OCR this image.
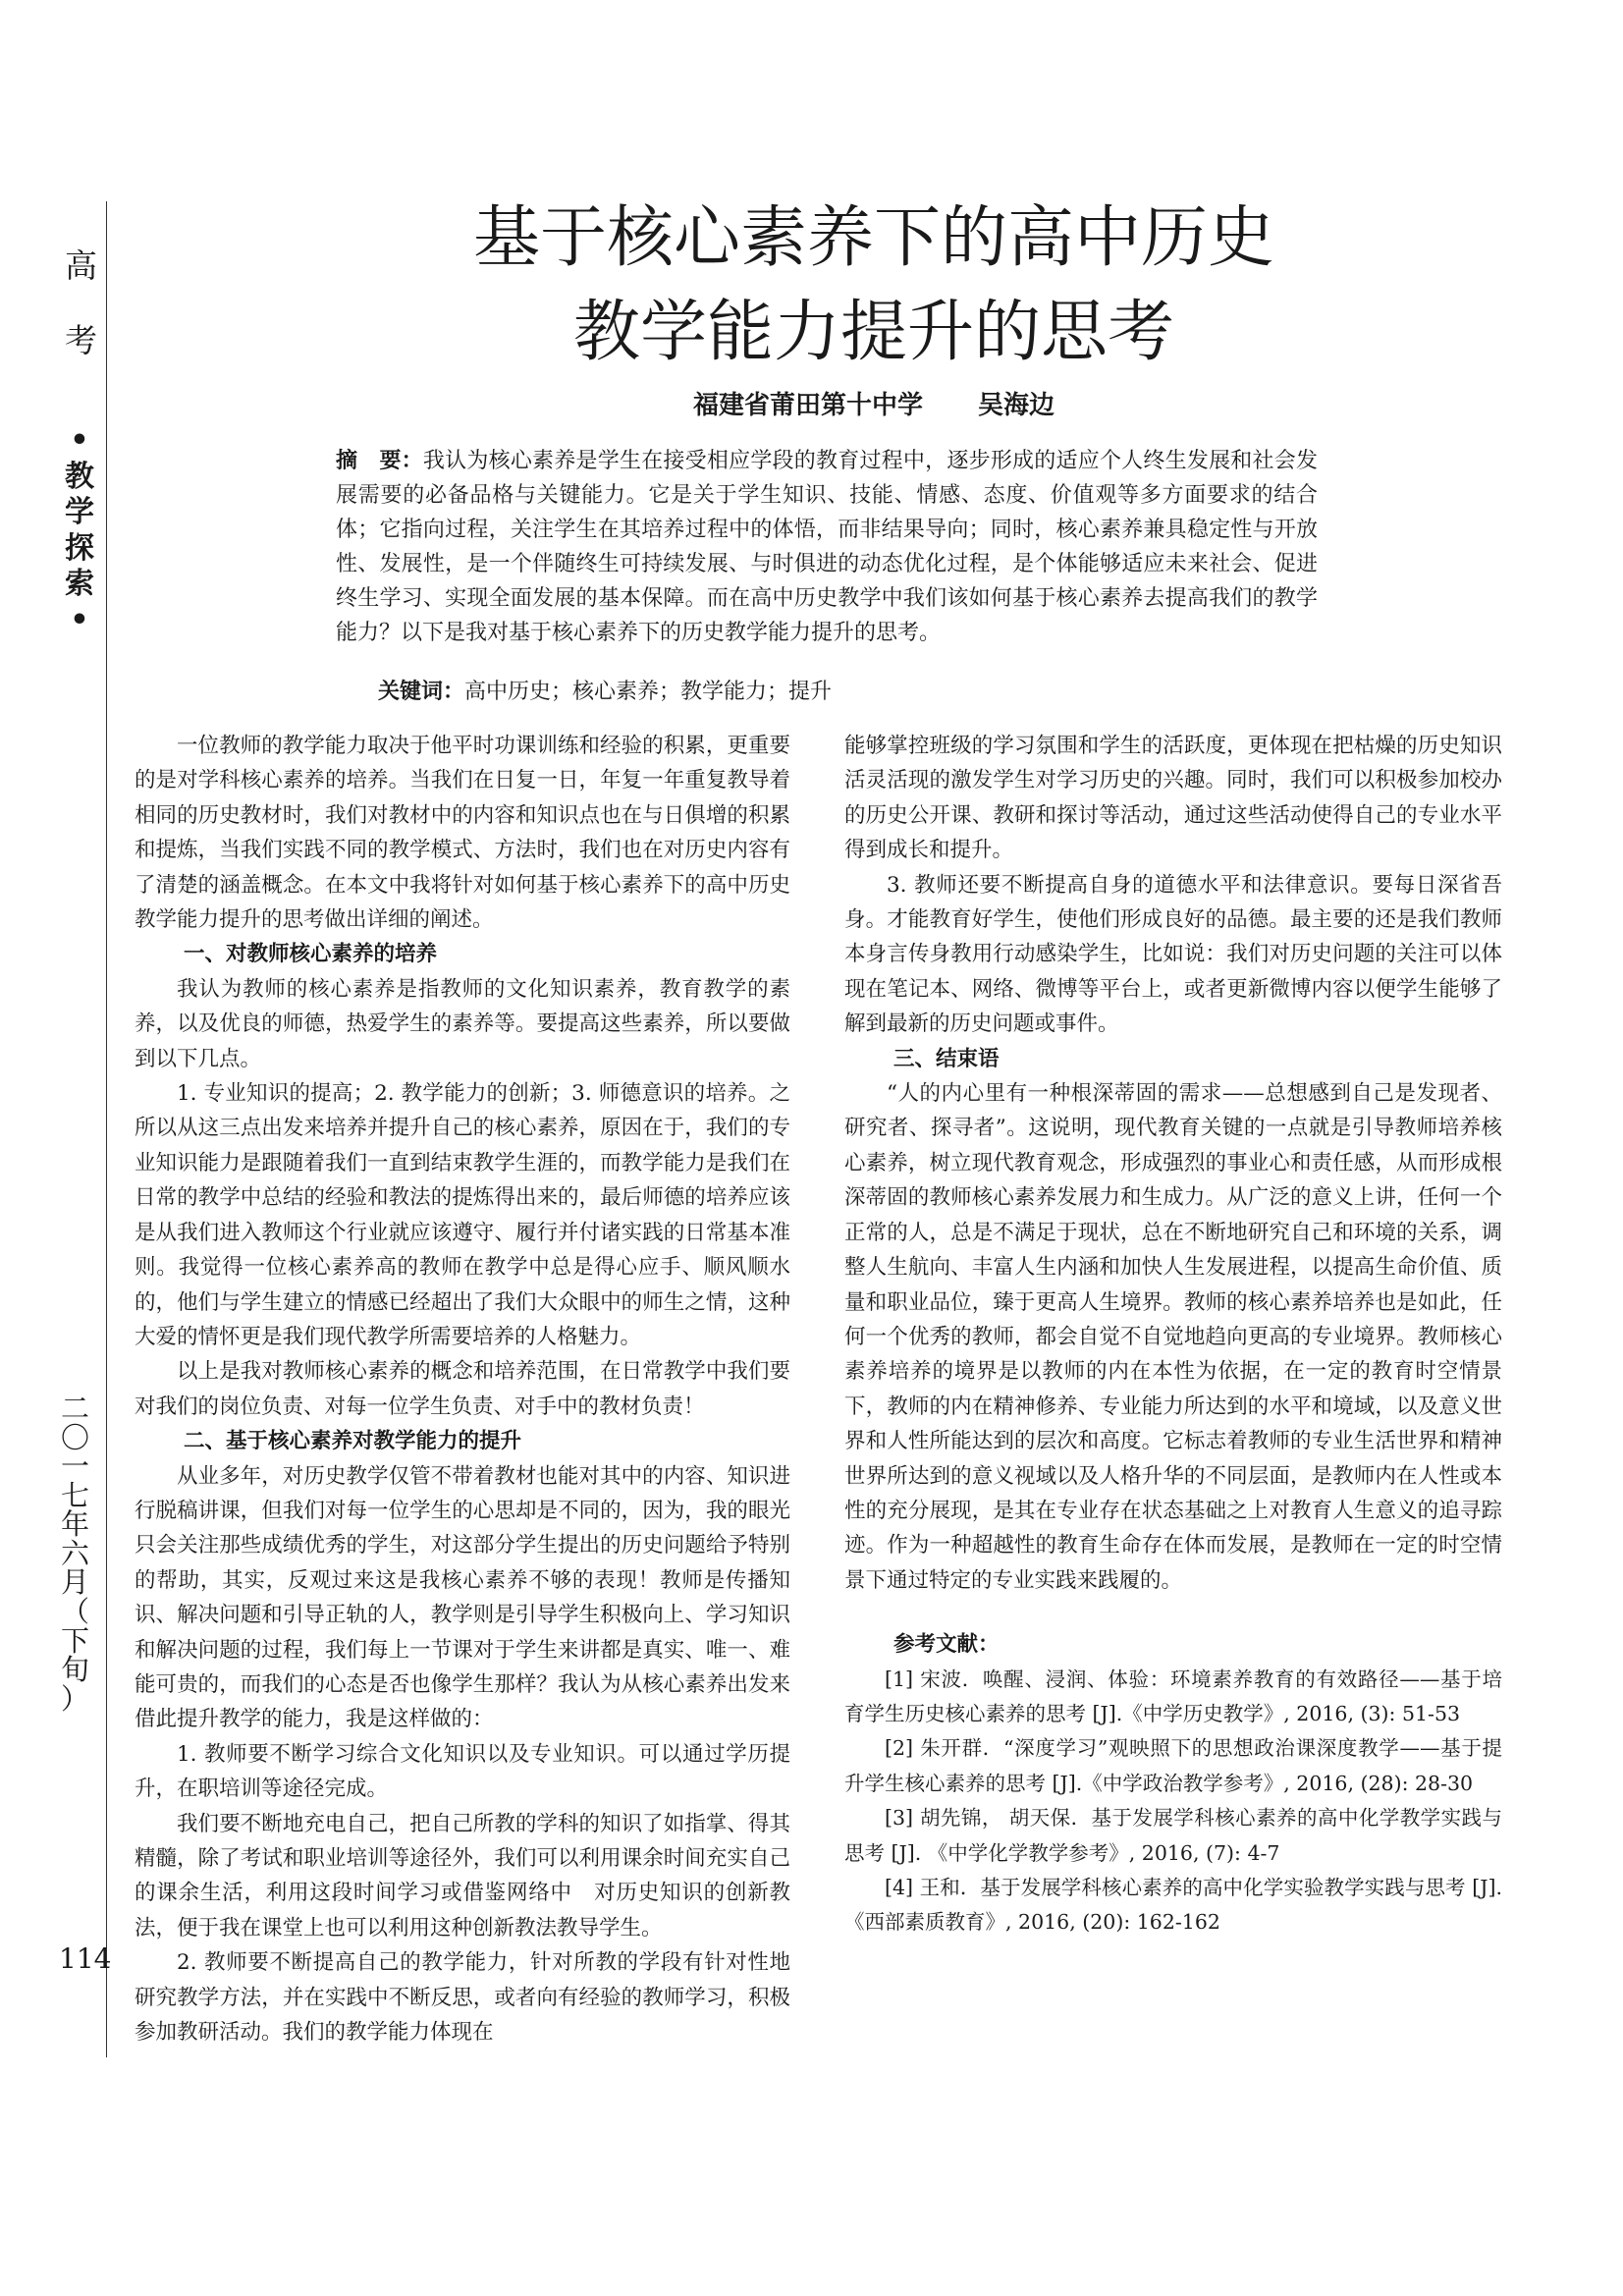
高
考
•
教
学
探
索
•
二
〇
一
七
年
六
月
（
下
旬
）
114
基于核心素养下的高中历史
教学能力提升的思考
福建省莆田第十中学 吴海边
摘　要：我认为核心素养是学生在接受相应学段的教育过程中，逐步形成的适应个人终生发展和社会发展需要的必备品格与关键能力。它是关于学生知识、技能、情感、态度、价值观等多方面要求的结合体；它指向过程，关注学生在其培养过程中的体悟，而非结果导向；同时，核心素养兼具稳定性与开放性、发展性，是一个伴随终生可持续发展、与时俱进的动态优化过程，是个体能够适应未来社会、促进终生学习、实现全面发展的基本保障。而在高中历史教学中我们该如何基于核心素养去提高我们的教学能力？以下是我对基于核心素养下的历史教学能力提升的思考。
关键词：高中历史；核心素养；教学能力；提升

一位教师的教学能力取决于他平时功课训练和经验的积累，更重要的是对学科核心素养的培养。当我们在日复一日，年复一年重复教导着相同的历史教材时，我们对教材中的内容和知识点也在与日俱增的积累和提炼，当我们实践不同的教学模式、方法时，我们也在对历史内容有了清楚的涵盖概念。在本文中我将针对如何基于核心素养下的高中历史教学能力提升的思考做出详细的阐述。

一、对教师核心素养的培养

我认为教师的核心素养是指教师的文化知识素养，教育教学的素养，以及优良的师德，热爱学生的素养等。要提高这些素养，所以要做到以下几点。

1. 专业知识的提高；2. 教学能力的创新；3. 师德意识的培养。之所以从这三点出发来培养并提升自己的核心素养，原因在于，我们的专业知识能力是跟随着我们一直到结束教学生涯的，而教学能力是我们在日常的教学中总结的经验和教法的提炼得出来的，最后师德的培养应该是从我们进入教师这个行业就应该遵守、履行并付诸实践的日常基本准则。我觉得一位核心素养高的教师在教学中总是得心应手、顺风顺水的，他们与学生建立的情感已经超出了我们大众眼中的师生之情，这种大爱的情怀更是我们现代教学所需要培养的人格魅力。

以上是我对教师核心素养的概念和培养范围，在日常教学中我们要对我们的岗位负责、对每一位学生负责、对手中的教材负责！

二、基于核心素养对教学能力的提升

从业多年，对历史教学仅管不带着教材也能对其中的内容、知识进行脱稿讲课，但我们对每一位学生的心思却是不同的，因为，我的眼光只会关注那些成绩优秀的学生，对这部分学生提出的历史问题给予特别的帮助，其实，反观过来这是我核心素养不够的表现！教师是传播知识、解决问题和引导正轨的人，教学则是引导学生积极向上、学习知识和解决问题的过程，我们每上一节课对于学生来讲都是真实、唯一、难能可贵的，而我们的心态是否也像学生那样？我认为从核心素养出发来借此提升教学的能力，我是这样做的：

1. 教师要不断学习综合文化知识以及专业知识。可以通过学历提升，在职培训等途径完成。

我们要不断地充电自己，把自己所教的学科的知识了如指掌、得其精髓，除了考试和职业培训等途径外，我们可以利用课余时间充实自己的课余生活，利用这段时间学习或借鉴网络中　对历史知识的创新教法，便于我在课堂上也可以利用这种创新教法教导学生。

2. 教师要不断提高自己的教学能力，针对所教的学段有针对性地研究教学方法，并在实践中不断反思，或者向有经验的教师学习，积极参加教研活动。我们的教学能力体现在

能够掌控班级的学习氛围和学生的活跃度，更体现在把枯燥的历史知识活灵活现的激发学生对学习历史的兴趣。同时，我们可以积极参加校办的历史公开课、教研和探讨等活动，通过这些活动使得自己的专业水平得到成长和提升。

3. 教师还要不断提高自身的道德水平和法律意识。要每日深省吾身。才能教育好学生，使他们形成良好的品德。最主要的还是我们教师本身言传身教用行动感染学生，比如说：我们对历史问题的关注可以体现在笔记本、网络、微博等平台上，或者更新微博内容以便学生能够了解到最新的历史问题或事件。

三、结束语

“人的内心里有一种根深蒂固的需求——总想感到自己是发现者、研究者、探寻者”。这说明，现代教育关键的一点就是引导教师培养核心素养，树立现代教育观念，形成强烈的事业心和责任感，从而形成根深蒂固的教师核心素养发展力和生成力。从广泛的意义上讲，任何一个正常的人，总是不满足于现状，总在不断地研究自己和环境的关系，调整人生航向、丰富人生内涵和加快人生发展进程，以提高生命价值、质量和职业品位，臻于更高人生境界。教师的核心素养培养也是如此，任何一个优秀的教师，都会自觉不自觉地趋向更高的专业境界。教师核心素养培养的境界是以教师的内在本性为依据，在一定的教育时空情景下，教师的内在精神修养、专业能力所达到的水平和境域，以及意义世界和人性所能达到的层次和高度。它标志着教师的专业生活世界和精神世界所达到的意义视域以及人格升华的不同层面，是教师内在人性或本性的充分展现，是其在专业存在状态基础之上对教育人生意义的追寻踪迹。作为一种超越性的教育生命存在体而发展，是教师在一定的时空情景下通过特定的专业实践来践履的。

参考文献：

[1] 宋波．唤醒、浸润、体验：环境素养教育的有效路径——基于培育学生历史核心素养的思考 [J].《中学历史教学》, 2016, (3): 51-53

[2] 朱开群．“深度学习”观映照下的思想政治课深度教学——基于提升学生核心素养的思考 [J].《中学政治教学参考》, 2016, (28): 28-30

[3] 胡先锦， 胡天保．基于发展学科核心素养的高中化学教学实践与思考 [J]. 《中学化学教学参考》, 2016, (7): 4-7

[4] 王和．基于发展学科核心素养的高中化学实验教学实践与思考 [J].《西部素质教育》, 2016, (20): 162-162
